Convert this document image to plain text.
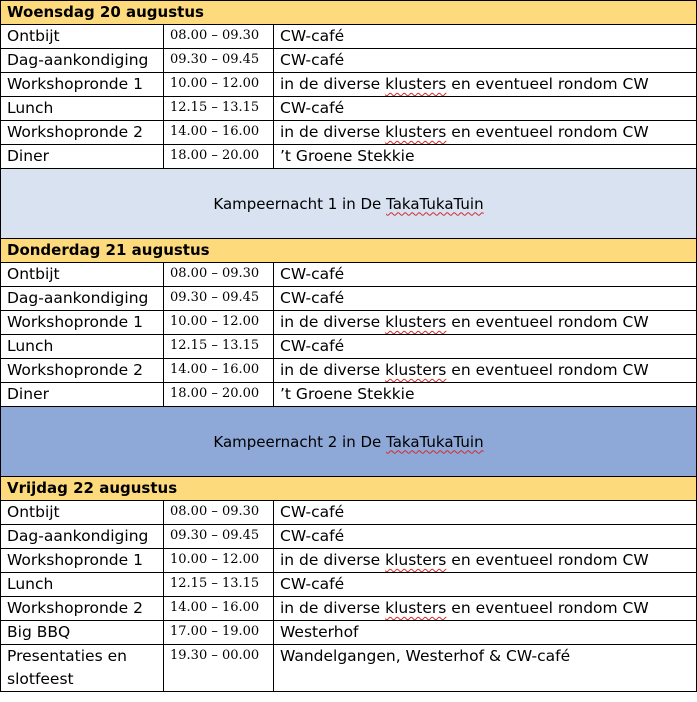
Woensdag 20 augustus		
Ontbijt	08.00 – 09.30	CW-café
Dag-aankondiging	09.30 – 09.45	CW-café
Workshopronde 1	10.00 – 12.00	in de diverse klusters en eventueel rondom CW
Lunch	12.15 – 13.15	CW-café
Workshopronde 2	14.00 – 16.00	in de diverse klusters en eventueel rondom CW
Diner	18.00 – 20.00	’t Groene Stekkie
Kampeernacht 1 in De TakaTukaTuin		
Donderdag 21 augustus		
Ontbijt	08.00 – 09.30	CW-café
Dag-aankondiging	09.30 – 09.45	CW-café
Workshopronde 1	10.00 – 12.00	in de diverse klusters en eventueel rondom CW
Lunch	12.15 – 13.15	CW-café
Workshopronde 2	14.00 – 16.00	in de diverse klusters en eventueel rondom CW
Diner	18.00 – 20.00	’t Groene Stekkie
Kampeernacht 2 in De TakaTukaTuin		
Vrijdag 22 augustus		
Ontbijt	08.00 – 09.30	CW-café
Dag-aankondiging	09.30 – 09.45	CW-café
Workshopronde 1	10.00 – 12.00	in de diverse klusters en eventueel rondom CW
Lunch	12.15 – 13.15	CW-café
Workshopronde 2	14.00 – 16.00	in de diverse klusters en eventueel rondom CW
Big BBQ	17.00 – 19.00	Westerhof
Presentaties en slotfeest	19.30 – 00.00	Wandelgangen, Westerhof & CW-café
